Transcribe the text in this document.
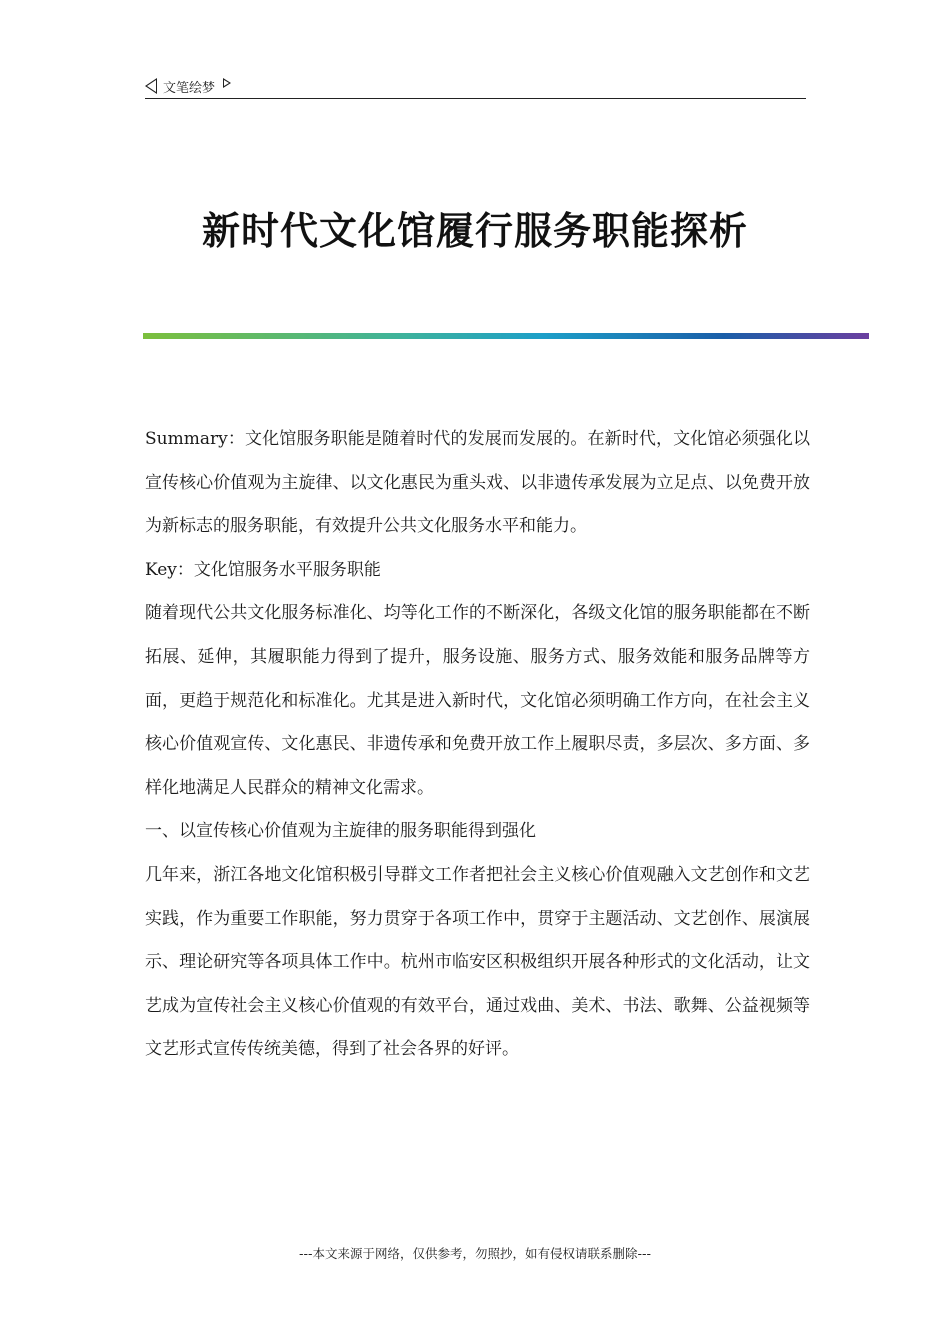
文笔绘梦
新时代文化馆履行服务职能探析

Summary：文化馆服务职能是随着时代的发展而发展的。在新时代，文化馆必须强化以宣传核心价值观为主旋律、以文化惠民为重头戏、以非遗传承发展为立足点、以免费开放为新标志的服务职能，有效提升公共文化服务水平和能力。

Key：文化馆服务水平服务职能

随着现代公共文化服务标准化、均等化工作的不断深化，各级文化馆的服务职能都在不断拓展、延伸，其履职能力得到了提升，服务设施、服务方式、服务效能和服务品牌等方面，更趋于规范化和标准化。尤其是进入新时代，文化馆必须明确工作方向，在社会主义核心价值观宣传、文化惠民、非遗传承和免费开放工作上履职尽责，多层次、多方面、多样化地满足人民群众的精神文化需求。

一、以宣传核心价值观为主旋律的服务职能得到强化

几年来，浙江各地文化馆积极引导群文工作者把社会主义核心价值观融入文艺创作和文艺实践，作为重要工作职能，努力贯穿于各项工作中，贯穿于主题活动、文艺创作、展演展示、理论研究等各项具体工作中。杭州市临安区积极组织开展各种形式的文化活动，让文艺成为宣传社会主义核心价值观的有效平台，通过戏曲、美术、书法、歌舞、公益视频等文艺形式宣传传统美德，得到了社会各界的好评。

---本文来源于网络，仅供参考，勿照抄，如有侵权请联系删除---
